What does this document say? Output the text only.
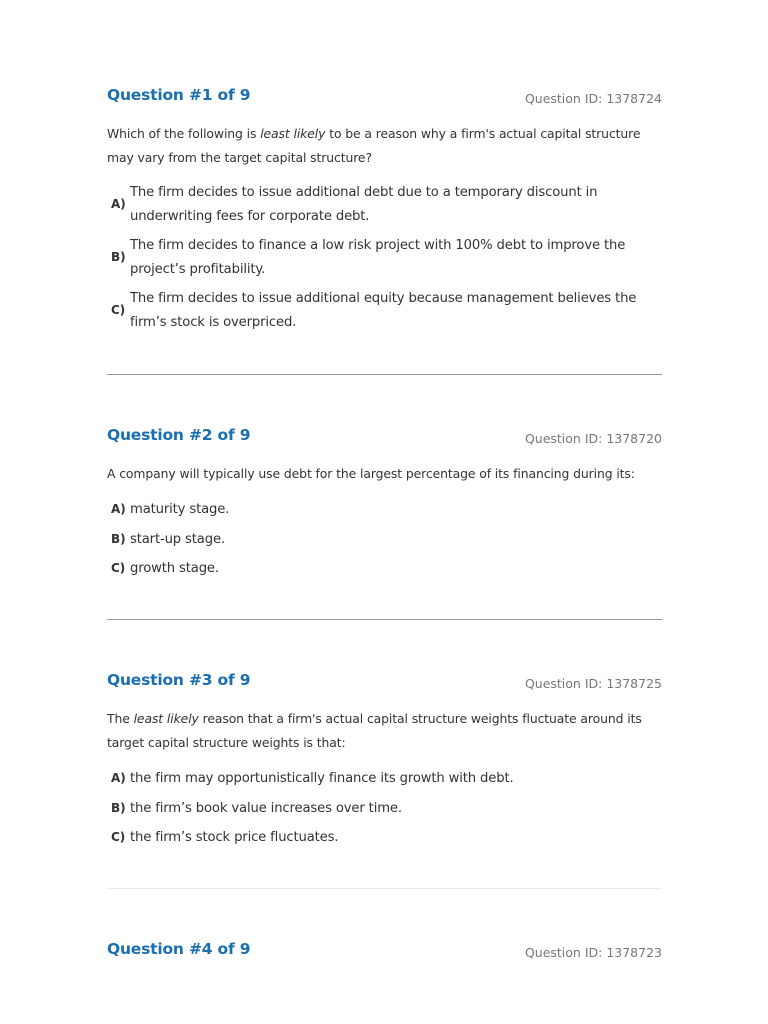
Question #1 of 9	Question ID: 1378724
Which of the following is least likely to be a reason why a firm's actual capital structure may vary from the target capital structure?
A)
The firm decides to issue additional debt due to a temporary discount in underwriting fees for corporate debt.
B)
The firm decides to finance a low risk project with 100% debt to improve the project’s profitability.
C)
The firm decides to issue additional equity because management believes the firm’s stock is overpriced.
Question #2 of 9	Question ID: 1378720
A company will typically use debt for the largest percentage of its financing during its:
A) maturity stage.
B) start-up stage.
C) growth stage.
Question #3 of 9	Question ID: 1378725
The least likely reason that a firm's actual capital structure weights fluctuate around its target capital structure weights is that:
A) the firm may opportunistically finance its growth with debt.
B) the firm’s book value increases over time.
C) the firm’s stock price fluctuates.
Question #4 of 9	Question ID: 1378723
